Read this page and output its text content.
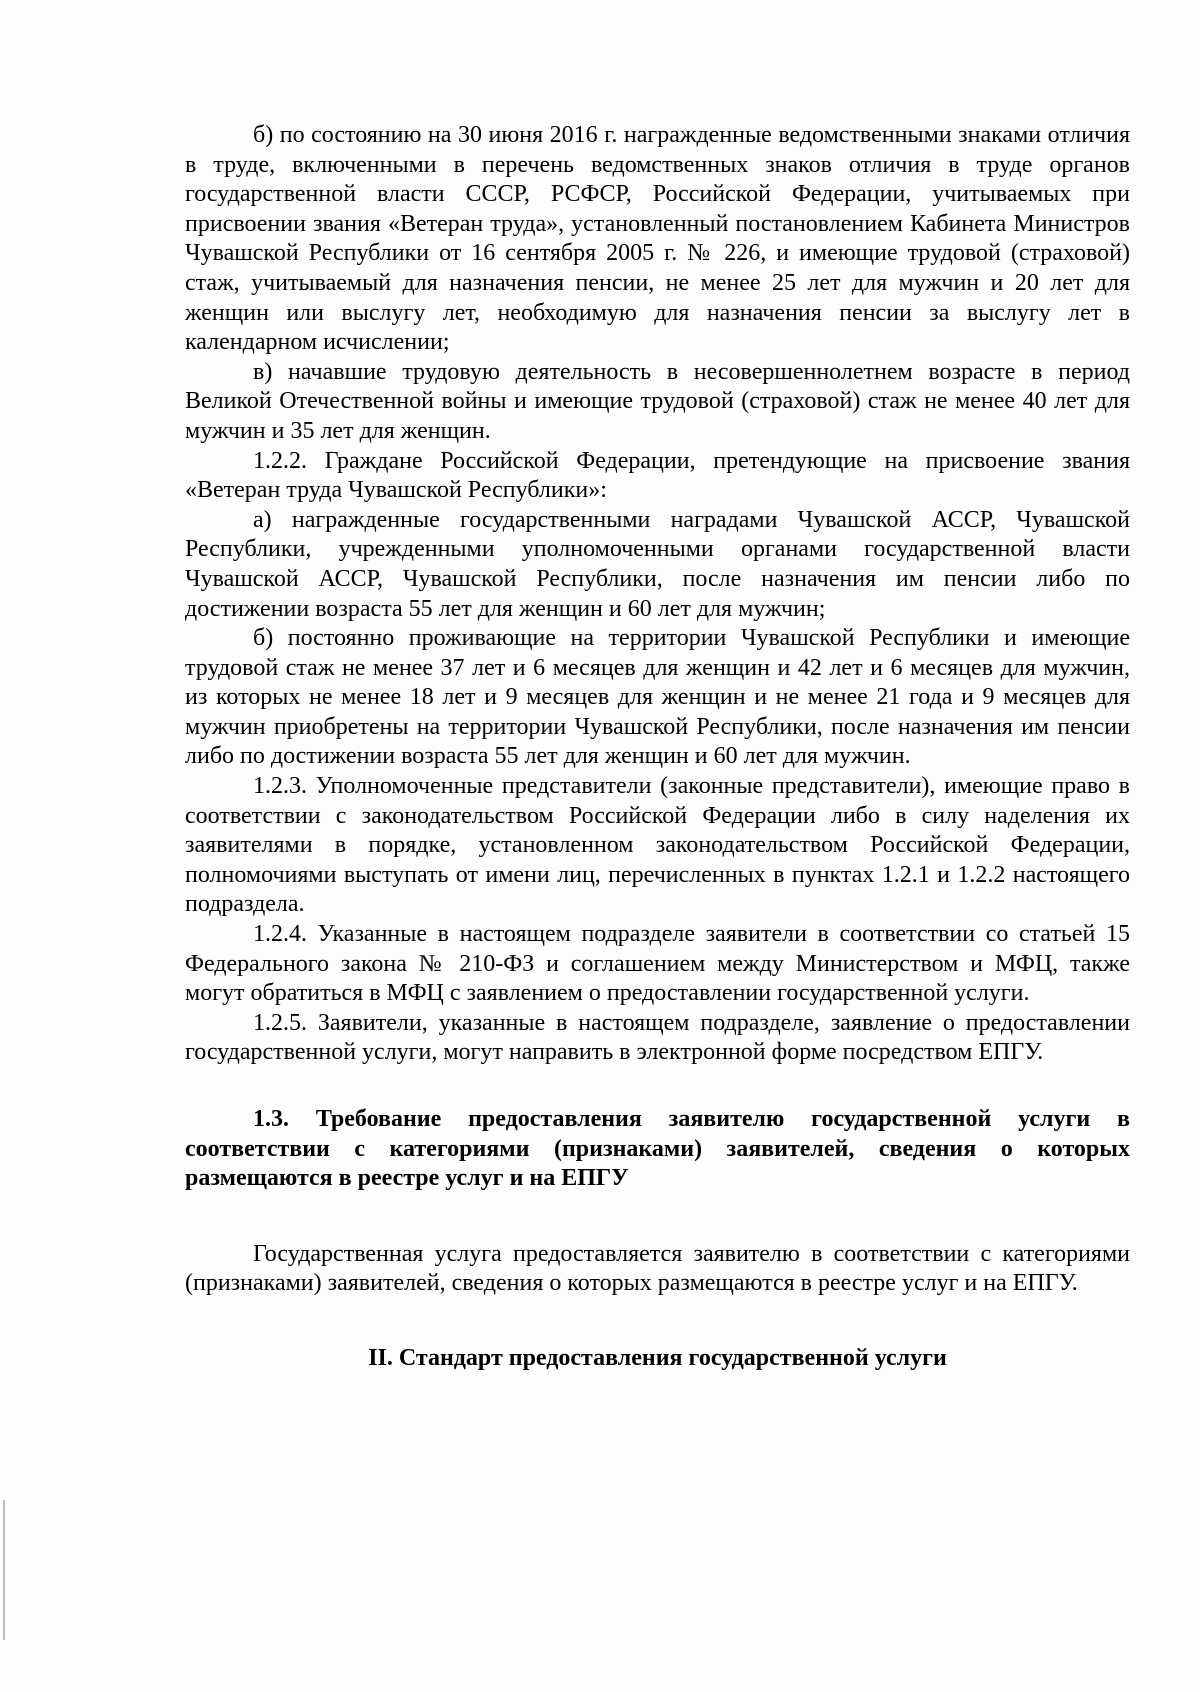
б) по состоянию на 30 июня 2016 г. награжденные ведомственными знаками отличия в труде, включенными в перечень ведомственных знаков отличия в труде органов государственной власти СССР, РСФСР, Российской Федерации, учитываемых при присвоении звания «Ветеран труда», установленный постановлением Кабинета Министров Чувашской Республики от 16 сентября 2005 г. № 226, и имеющие трудовой (страховой) стаж, учитываемый для назначения пенсии, не менее 25 лет для мужчин и 20 лет для женщин или выслугу лет, необходимую для назначения пенсии за выслугу лет в календарном исчислении;

в) начавшие трудовую деятельность в несовершеннолетнем возрасте в период Великой Отечественной войны и имеющие трудовой (страховой) стаж не менее 40 лет для мужчин и 35 лет для женщин.

1.2.2. Граждане Российской Федерации, претендующие на присвоение звания «Ветеран труда Чувашской Республики»:

а) награжденные государственными наградами Чувашской АССР, Чувашской Республики, учрежденными уполномоченными органами государственной власти Чувашской АССР, Чувашской Республики, после назначения им пенсии либо по достижении возраста 55 лет для женщин и 60 лет для мужчин;

б) постоянно проживающие на территории Чувашской Республики и имеющие трудовой стаж не менее 37 лет и 6 месяцев для женщин и 42 лет и 6 месяцев для мужчин, из которых не менее 18 лет и 9 месяцев для женщин и не менее 21 года и 9 месяцев для мужчин приобретены на территории Чувашской Республики, после назначения им пенсии либо по достижении возраста 55 лет для женщин и 60 лет для мужчин.

1.2.3. Уполномоченные представители (законные представители), имеющие право в соответствии с законодательством Российской Федерации либо в силу наделения их заявителями в порядке, установленном законодательством Российской Федерации, полномочиями выступать от имени лиц, перечисленных в пунктах 1.2.1 и 1.2.2 настоящего подраздела.

1.2.4. Указанные в настоящем подразделе заявители в соответствии со статьей 15 Федерального закона № 210-ФЗ и соглашением между Министерством и МФЦ, также могут обратиться в МФЦ с заявлением о предоставлении государственной услуги.

1.2.5. Заявители, указанные в настоящем подразделе, заявление о предоставлении государственной услуги, могут направить в электронной форме посредством ЕПГУ.

1.3. Требование предоставления заявителю государственной услуги в соответствии с категориями (признаками) заявителей, сведения о которых размещаются в реестре услуг и на ЕПГУ

Государственная услуга предоставляется заявителю в соответствии с категориями (признаками) заявителей, сведения о которых размещаются в реестре услуг и на ЕПГУ.

II. Стандарт предоставления государственной услуги
